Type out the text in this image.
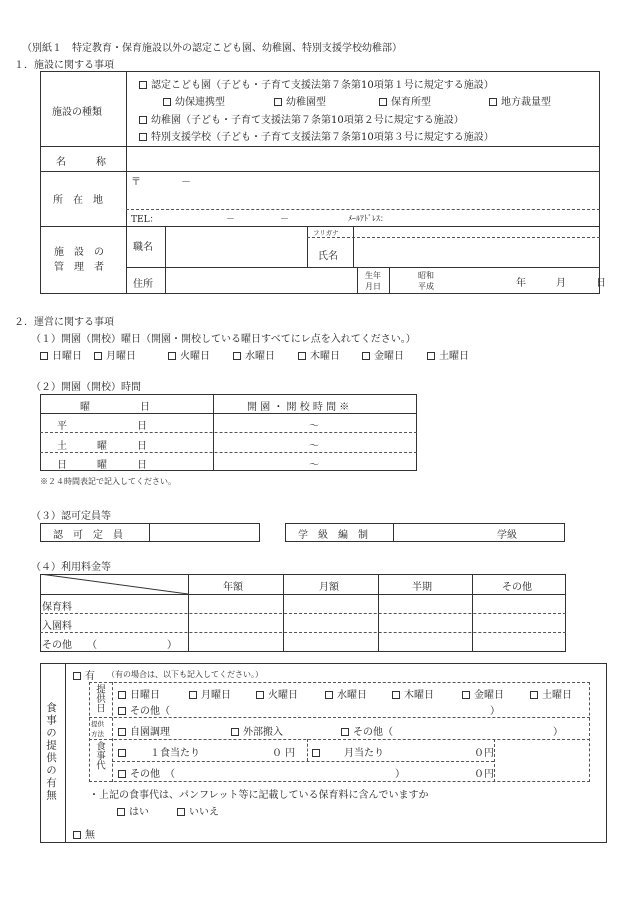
（別紙１　特定教育・保育施設以外の認定こども園、幼稚園、特別支援学校幼稚部）
１．施設に関する事項
施設の種類
認定こども園（子ども・子育て支援法第７条第10項第１号に規定する施設）
幼保連携型	幼稚園型	保育所型	地方裁量型
幼稚園（子ども・子育て支援法第７条第10項第２号に規定する施設）
特別支援学校（子ども・子育て支援法第７条第10項第３号に規定する施設）
名　　　称
所　在　地
〒　　　　－
TEL：　　　　　　　　－　　　　　－	ﾒｰﾙｱﾄﾞﾚｽ：
施　設　の
管　理　者
職名
フリガナ
氏名
住所
生年
月日
昭和
平成	年　　　月　　　日
２．運営に関する事項
（１）開園（開校）曜日（開園・開校している曜日すべてにレ点を入れてください。）
日曜日	月曜日	火曜日	水曜日	木曜日	金曜日	土曜日
（２）開園（開校）時間
曜　　　　　日	開 園 ・ 開 校 時 間 ※
平　　　　　　　日	～
土　　　曜　　　日	～
日　　　曜　　　日	～
※２４時間表記で記入してください。
（３）認可定員等
認　可　定　員	学　級　編　制	学級
（４）利用料金等
年額	月額	半期	その他
保育料
入園料
その他　　（　　　　　　　）
食事の提供の有無
有 （有の場合は、以下も記入してください。）
提供日	日曜日	月曜日	火曜日	水曜日	木曜日	金曜日	土曜日
その他（　　　　　　　　　　　　　　　　　　　　　　　　　　　　　　　　）
提供
方法	自園調理	外部搬入	その他（　　　　　　　　　　　　　　　　）
食事代	１食当たり	０ 円	月当たり	０円
その他　（　　　　　　　　　　　　　　　　　　　　　　）	０円
・上記の食事代は、パンフレット等に記載している保育料に含んでいますか
はい	いいえ
無
